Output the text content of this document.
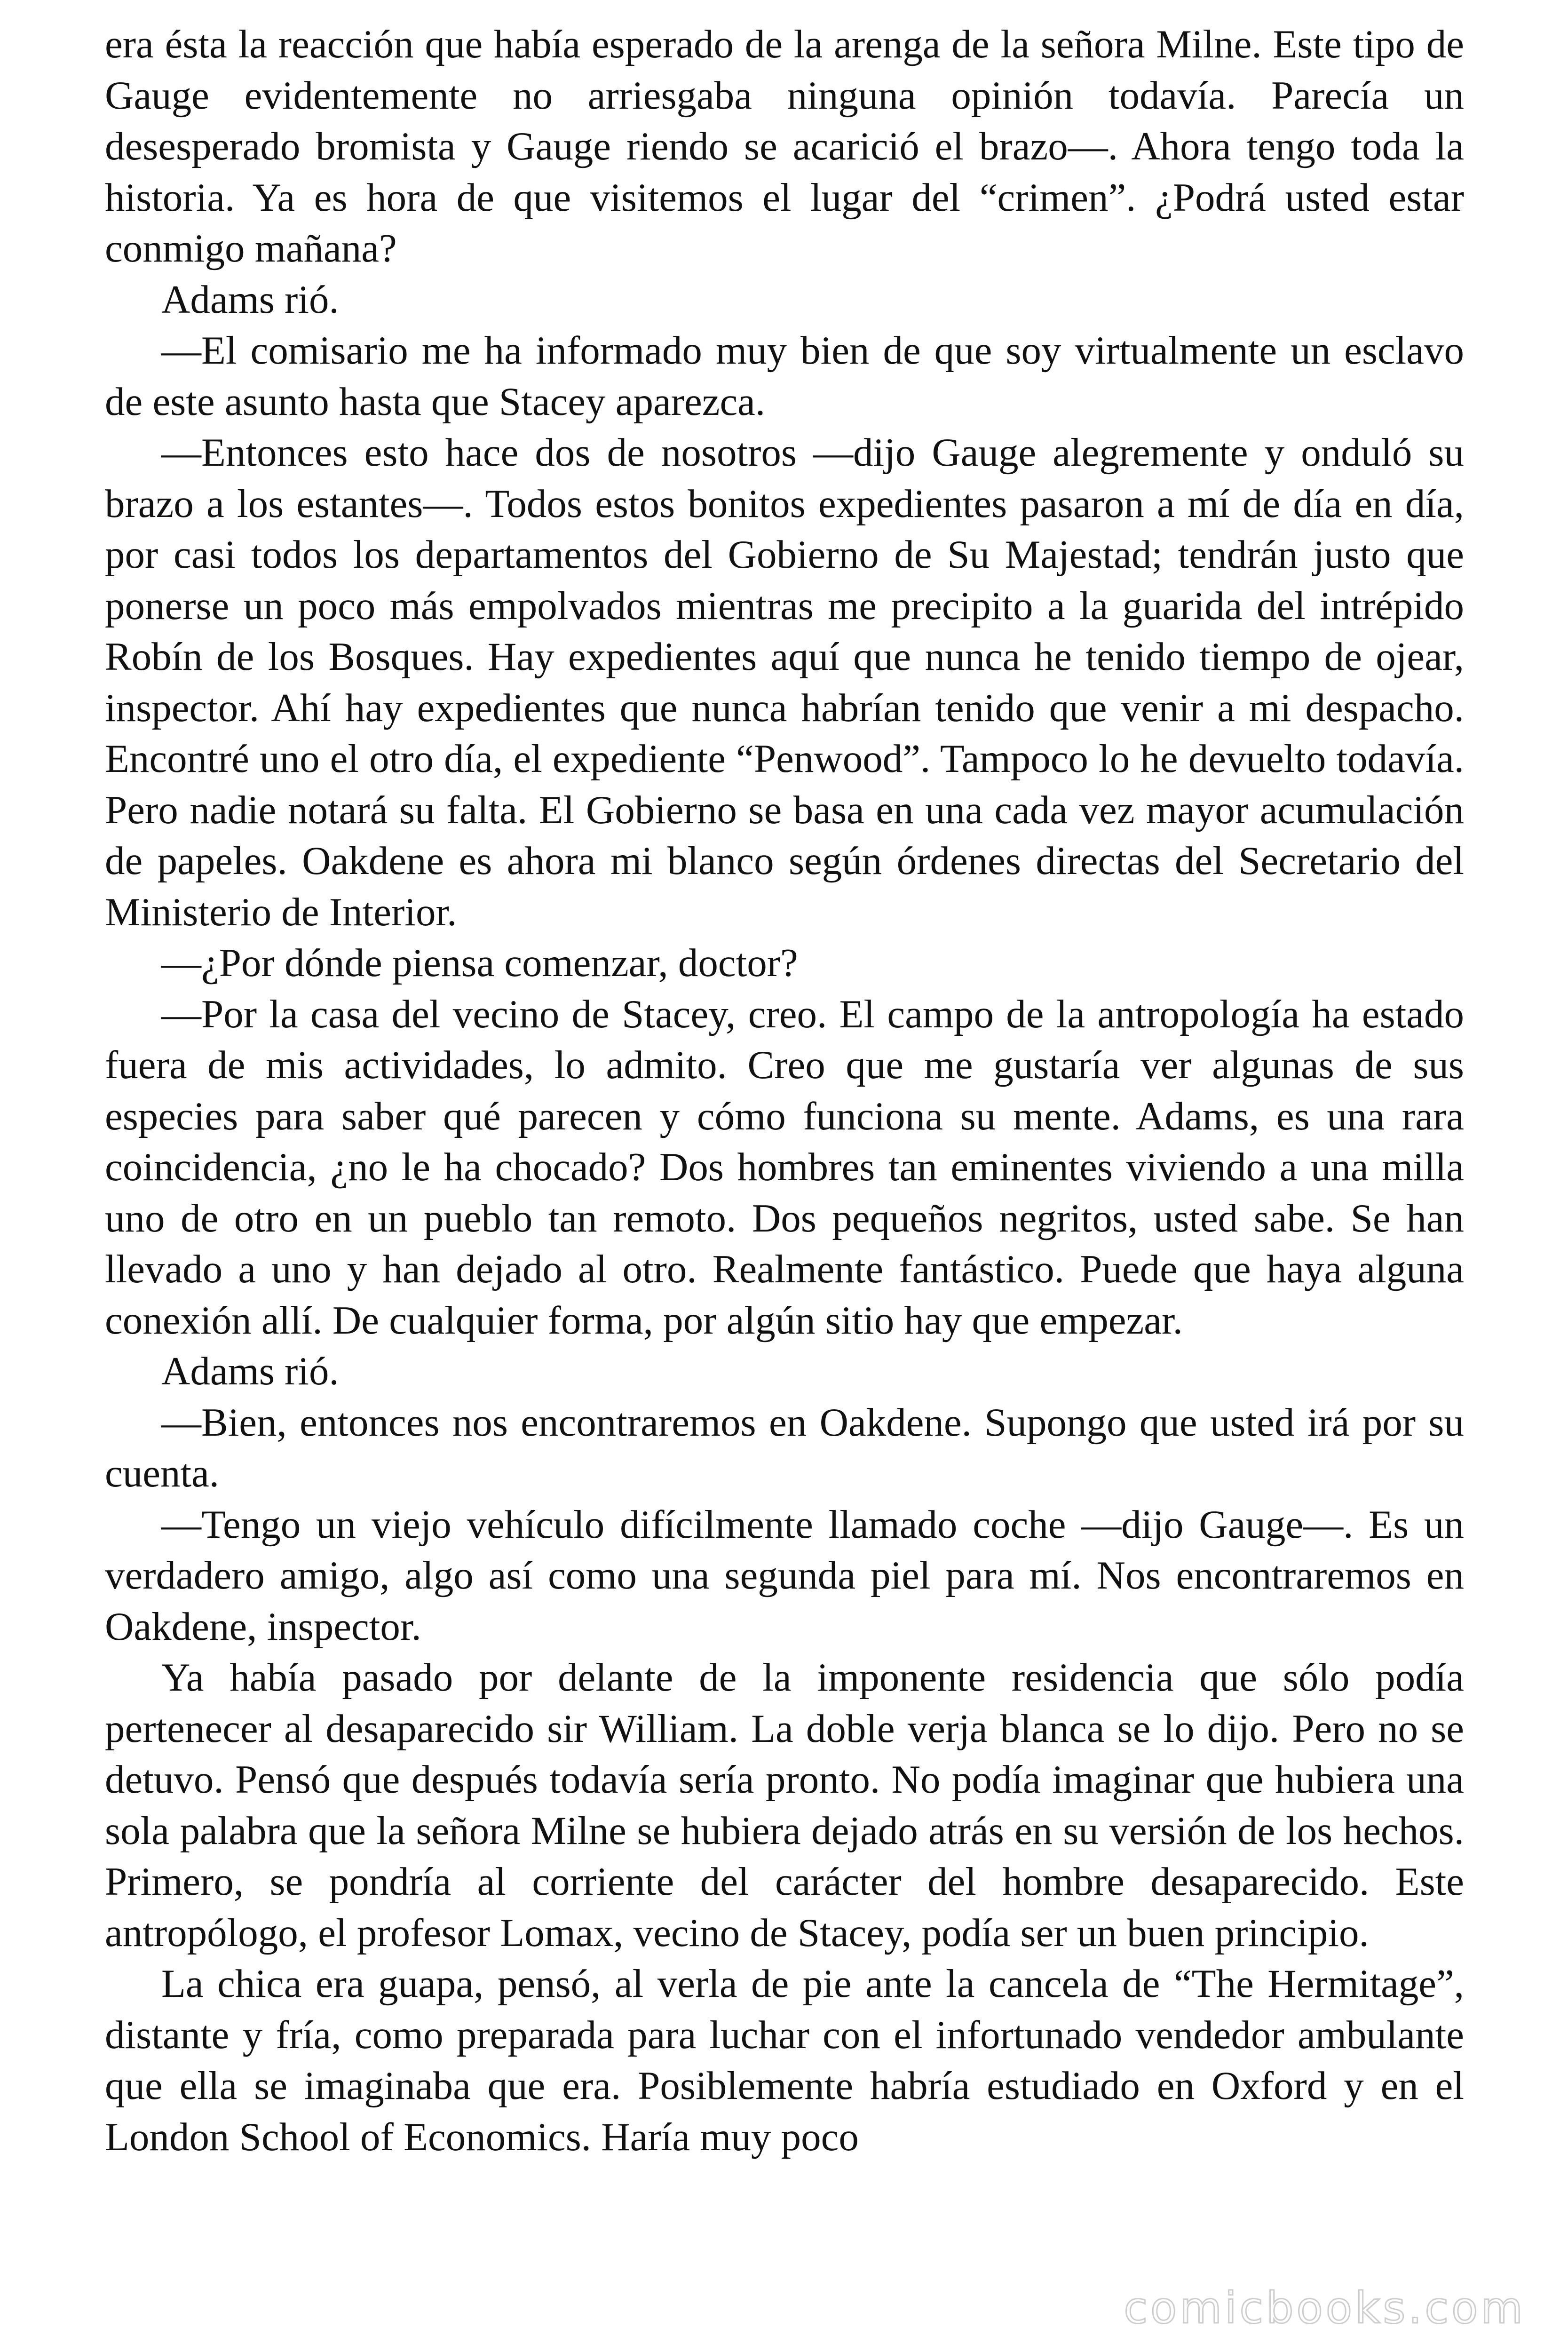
era ésta la reacción que había esperado de la arenga de la señora Milne. Este tipo de Gauge evidentemente no arriesgaba ninguna opinión todavía. Parecía un desesperado bromista y Gauge riendo se acarició el brazo—. Ahora tengo toda la historia. Ya es hora de que visitemos el lugar del “crimen”. ¿Podrá usted estar conmigo mañana?

Adams rió.

—El comisario me ha informado muy bien de que soy virtualmente un esclavo de este asunto hasta que Stacey aparezca.

—Entonces esto hace dos de nosotros —dijo Gauge alegremente y onduló su brazo a los estantes—. Todos estos bonitos expedientes pasaron a mí de día en día, por casi todos los departamentos del Gobierno de Su Majestad; tendrán justo que ponerse un poco más empolvados mientras me precipito a la guarida del intrépido Robín de los Bosques. Hay expedientes aquí que nunca he tenido tiempo de ojear, inspector. Ahí hay expedientes que nunca habrían tenido que venir a mi despacho. Encontré uno el otro día, el expediente “Penwood”. Tampoco lo he devuelto todavía. Pero nadie notará su falta. El Gobierno se basa en una cada vez mayor acumulación de papeles. Oakdene es ahora mi blanco según órdenes directas del Secretario del Ministerio de Interior.

—¿Por dónde piensa comenzar, doctor?

—Por la casa del vecino de Stacey, creo. El campo de la antropología ha estado fuera de mis actividades, lo admito. Creo que me gustaría ver algunas de sus especies para saber qué parecen y cómo funciona su mente. Adams, es una rara coincidencia, ¿no le ha chocado? Dos hombres tan eminentes viviendo a una milla uno de otro en un pueblo tan remoto. Dos pequeños negritos, usted sabe. Se han llevado a uno y han dejado al otro. Realmente fantástico. Puede que haya alguna conexión allí. De cualquier forma, por algún sitio hay que empezar.

Adams rió.

—Bien, entonces nos encontraremos en Oakdene. Supongo que usted irá por su cuenta.

—Tengo un viejo vehículo difícilmente llamado coche —dijo Gauge—. Es un verdadero amigo, algo así como una segunda piel para mí. Nos encontraremos en Oakdene, inspector.

Ya había pasado por delante de la imponente residencia que sólo podía pertenecer al desaparecido sir William. La doble verja blanca se lo dijo. Pero no se detuvo. Pensó que después todavía sería pronto. No podía imaginar que hubiera una sola palabra que la señora Milne se hubiera dejado atrás en su versión de los hechos. Primero, se pondría al corriente del carácter del hombre desaparecido. Este antropólogo, el profesor Lomax, vecino de Stacey, podía ser un buen principio.

La chica era guapa, pensó, al verla de pie ante la cancela de “The Hermitage”, distante y fría, como preparada para luchar con el infortunado vendedor ambulante que ella se imaginaba que era. Posiblemente habría estudiado en Oxford y en el London School of Economics. Haría muy poco

comicbooks.com
